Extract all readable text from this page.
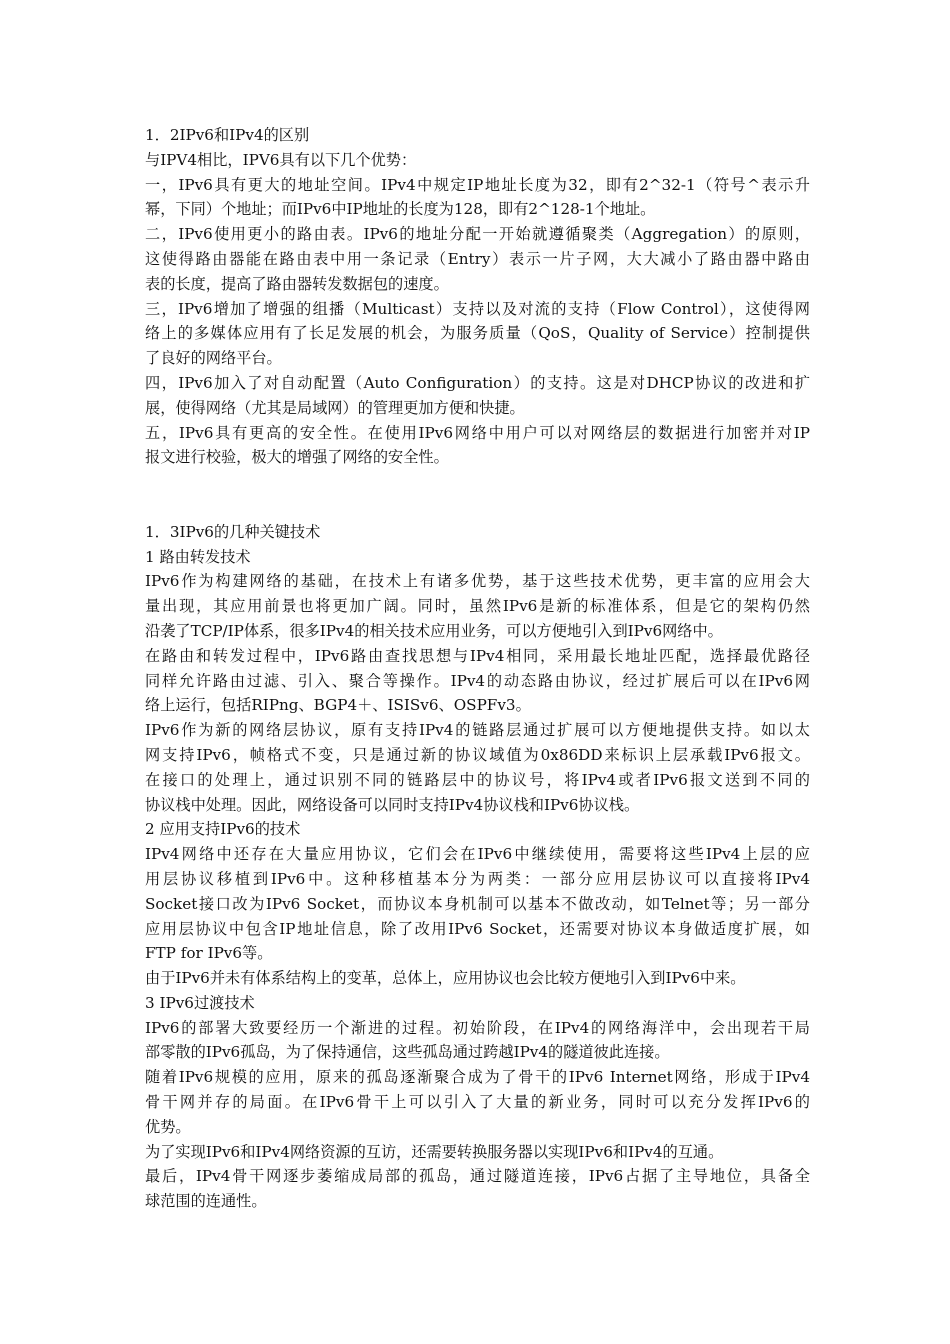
1．2IPv6和IPv4的区别
与IPV4相比，IPV6具有以下几个优势：
一，IPv6具有更大的地址空间。IPv4中规定IP地址长度为32，即有2^32-1（符号^表示升
幂，下同）个地址；而IPv6中IP地址的长度为128，即有2^128-1个地址。
二，IPv6使用更小的路由表。IPv6的地址分配一开始就遵循聚类（Aggregation）的原则，
这使得路由器能在路由表中用一条记录（Entry）表示一片子网，大大减小了路由器中路由
表的长度，提高了路由器转发数据包的速度。
三，IPv6增加了增强的组播（Multicast）支持以及对流的支持（Flow Control），这使得网
络上的多媒体应用有了长足发展的机会，为服务质量（QoS，Quality of Service）控制提供
了良好的网络平台。
四，IPv6加入了对自动配置（Auto Configuration）的支持。这是对DHCP协议的改进和扩
展，使得网络（尤其是局域网）的管理更加方便和快捷。
五，IPv6具有更高的安全性。在使用IPv6网络中用户可以对网络层的数据进行加密并对IP
报文进行校验，极大的增强了网络的安全性。
1．3IPv6的几种关键技术
1 路由转发技术
IPv6作为构建网络的基础，在技术上有诸多优势，基于这些技术优势，更丰富的应用会大
量出现，其应用前景也将更加广阔。同时，虽然IPv6是新的标准体系，但是它的架构仍然
沿袭了TCP/IP体系，很多IPv4的相关技术应用业务，可以方便地引入到IPv6网络中。
在路由和转发过程中，IPv6路由查找思想与IPv4相同，采用最长地址匹配，选择最优路径
同样允许路由过滤、引入、聚合等操作。IPv4的动态路由协议，经过扩展后可以在IPv6网
络上运行，包括RIPng、BGP4＋、ISISv6、OSPFv3。
IPv6作为新的网络层协议，原有支持IPv4的链路层通过扩展可以方便地提供支持。如以太
网支持IPv6，帧格式不变，只是通过新的协议域值为0x86DD来标识上层承载IPv6报文。
在接口的处理上，通过识别不同的链路层中的协议号，将IPv4或者IPv6报文送到不同的
协议栈中处理。因此，网络设备可以同时支持IPv4协议栈和IPv6协议栈。
2 应用支持IPv6的技术
IPv4网络中还存在大量应用协议，它们会在IPv6中继续使用，需要将这些IPv4上层的应
用层协议移植到IPv6中。这种移植基本分为两类：一部分应用层协议可以直接将IPv4
Socket接口改为IPv6 Socket，而协议本身机制可以基本不做改动，如Telnet等；另一部分
应用层协议中包含IP地址信息，除了改用IPv6 Socket，还需要对协议本身做适度扩展，如
FTP for IPv6等。
由于IPv6并未有体系结构上的变革，总体上，应用协议也会比较方便地引入到IPv6中来。
3 IPv6过渡技术
IPv6的部署大致要经历一个渐进的过程。初始阶段，在IPv4的网络海洋中，会出现若干局
部零散的IPv6孤岛，为了保持通信，这些孤岛通过跨越IPv4的隧道彼此连接。
随着IPv6规模的应用，原来的孤岛逐渐聚合成为了骨干的IPv6 Internet网络，形成于IPv4
骨干网并存的局面。在IPv6骨干上可以引入了大量的新业务，同时可以充分发挥IPv6的
优势。
为了实现IPv6和IPv4网络资源的互访，还需要转换服务器以实现IPv6和IPv4的互通。
最后，IPv4骨干网逐步萎缩成局部的孤岛，通过隧道连接，IPv6占据了主导地位，具备全
球范围的连通性。
